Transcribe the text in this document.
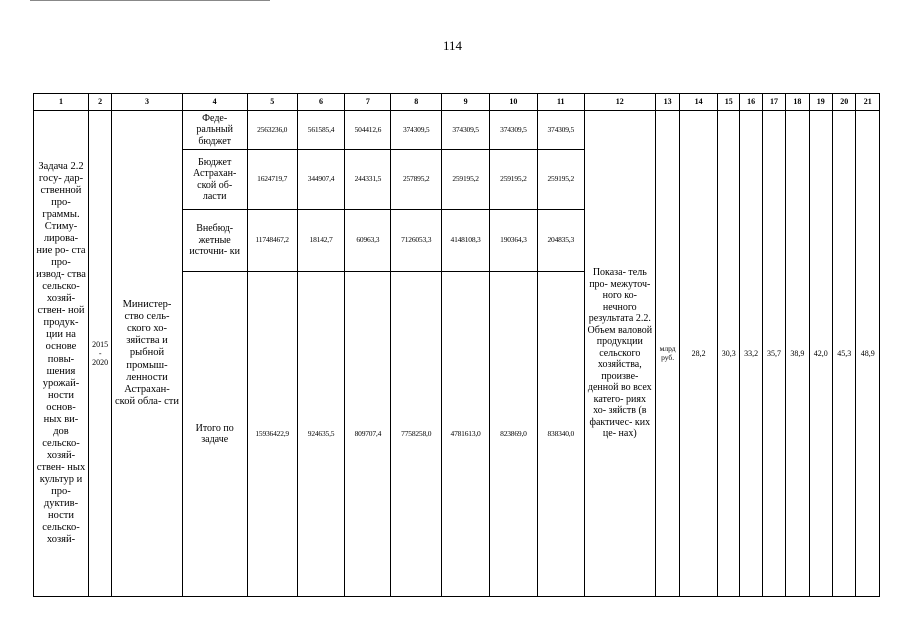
114
1	2	3	4	5	6	7	8	9	10	11	12	13	14	15	16	17	18	19	20	21
Задача 2.2 госу- дар- ственной про- граммы. Стиму- лирова- ние ро- ста про- извод- ства сельско- хозяй- ствен- ной продук- ции на основе повы- шения урожай- ности основ- ных ви- дов сельско- хозяй- ствен- ных культур и про- дуктив- ности сельско- хозяй-	2015 - 2020	Министер- ство сель- ского хо- зяйства и рыбной промыш- ленности Астрахан- ской обла- сти	Феде- ральный бюджет	2563236,0	561585,4	504412,6	374309,5	374309,5	374309,5	374309,5	Показа- тель про- межуточ- ного ко- нечного результата 2.2. Объем валовой продукции сельского хозяйства, произве- денной во всех катего- риях хо- зяйств (в фактичес- ких це- нах)	млрд руб.	28,2	30,3	33,2	35,7	38,9	42,0	45,3	48,9
			Бюджет Астрахан- ской об- ласти	1624719,7	344907,4	244331,5	257895,2	259195,2	259195,2	259195,2										
			Внебюд- жетные источни- ки	11748467,2	18142,7	60963,3	7126053,3	4148108,3	190364,3	204835,3										
			Итого по задаче	15936422,9	924635,5	809707,4	7758258,0	4781613,0	823869,0	838340,0										
